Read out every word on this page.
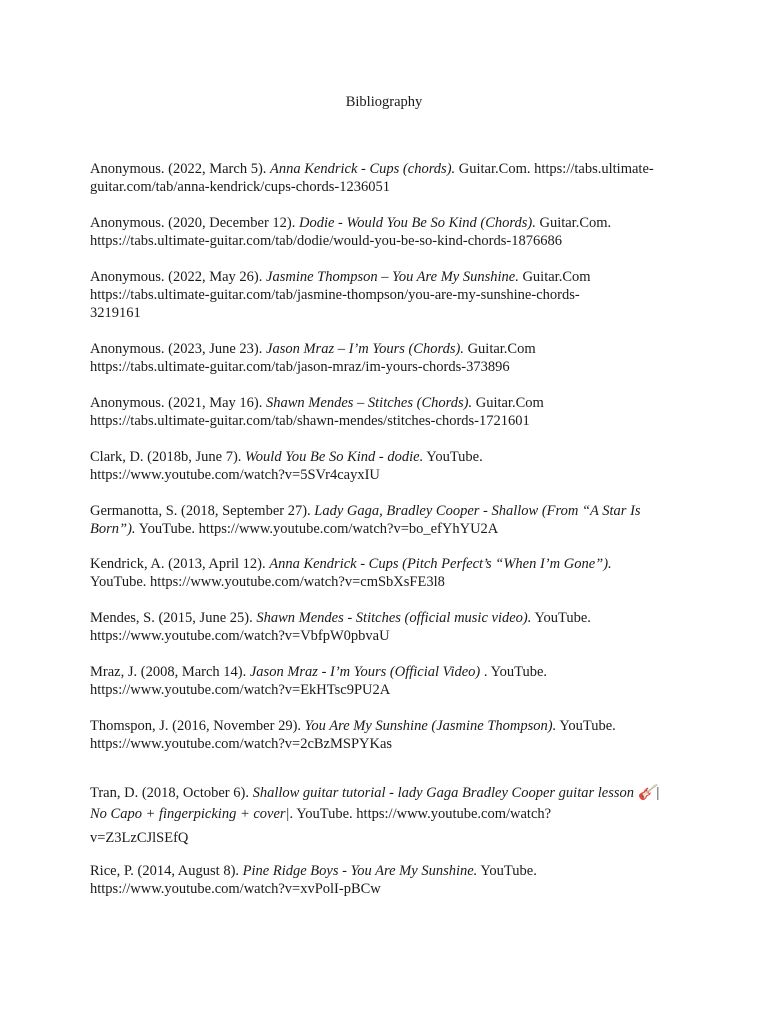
Bibliography
Anonymous. (2022, March 5). Anna Kendrick - Cups (chords). Guitar.Com. https://tabs.ultimate-
guitar.com/tab/anna-kendrick/cups-chords-1236051
Anonymous. (2020, December 12). Dodie - Would You Be So Kind (Chords). Guitar.Com.
https://tabs.ultimate-guitar.com/tab/dodie/would-you-be-so-kind-chords-1876686
Anonymous. (2022, May 26). Jasmine Thompson – You Are My Sunshine. Guitar.Com
https://tabs.ultimate-guitar.com/tab/jasmine-thompson/you-are-my-sunshine-chords-
3219161
Anonymous. (2023, June 23). Jason Mraz – I’m Yours (Chords). Guitar.Com
https://tabs.ultimate-guitar.com/tab/jason-mraz/im-yours-chords-373896
Anonymous. (2021, May 16). Shawn Mendes – Stitches (Chords). Guitar.Com
https://tabs.ultimate-guitar.com/tab/shawn-mendes/stitches-chords-1721601
Clark, D. (2018b, June 7). Would You Be So Kind - dodie. YouTube.
https://www.youtube.com/watch?v=5SVr4cayxIU
Germanotta, S. (2018, September 27). Lady Gaga, Bradley Cooper - Shallow (From “A Star Is
Born”). YouTube. https://www.youtube.com/watch?v=bo_efYhYU2A
Kendrick, A. (2013, April 12). Anna Kendrick - Cups (Pitch Perfect’s “When I’m Gone”).
YouTube. https://www.youtube.com/watch?v=cmSbXsFE3l8
Mendes, S. (2015, June 25). Shawn Mendes - Stitches (official music video). YouTube.
https://www.youtube.com/watch?v=VbfpW0pbvaU
Mraz, J. (2008, March 14). Jason Mraz - I’m Yours (Official Video) . YouTube.
https://www.youtube.com/watch?v=EkHTsc9PU2A
Thomspon, J. (2016, November 29). You Are My Sunshine (Jasmine Thompson). YouTube.
https://www.youtube.com/watch?v=2cBzMSPYKas
Tran, D. (2018, October 6). Shallow guitar tutorial - lady Gaga Bradley Cooper guitar lesson 🎸|
No Capo + fingerpicking + cover|. YouTube. https://www.youtube.com/watch?
v=Z3LzCJlSEfQ
Rice, P. (2014, August 8). Pine Ridge Boys - You Are My Sunshine. YouTube.
https://www.youtube.com/watch?v=xvPolI-pBCw
